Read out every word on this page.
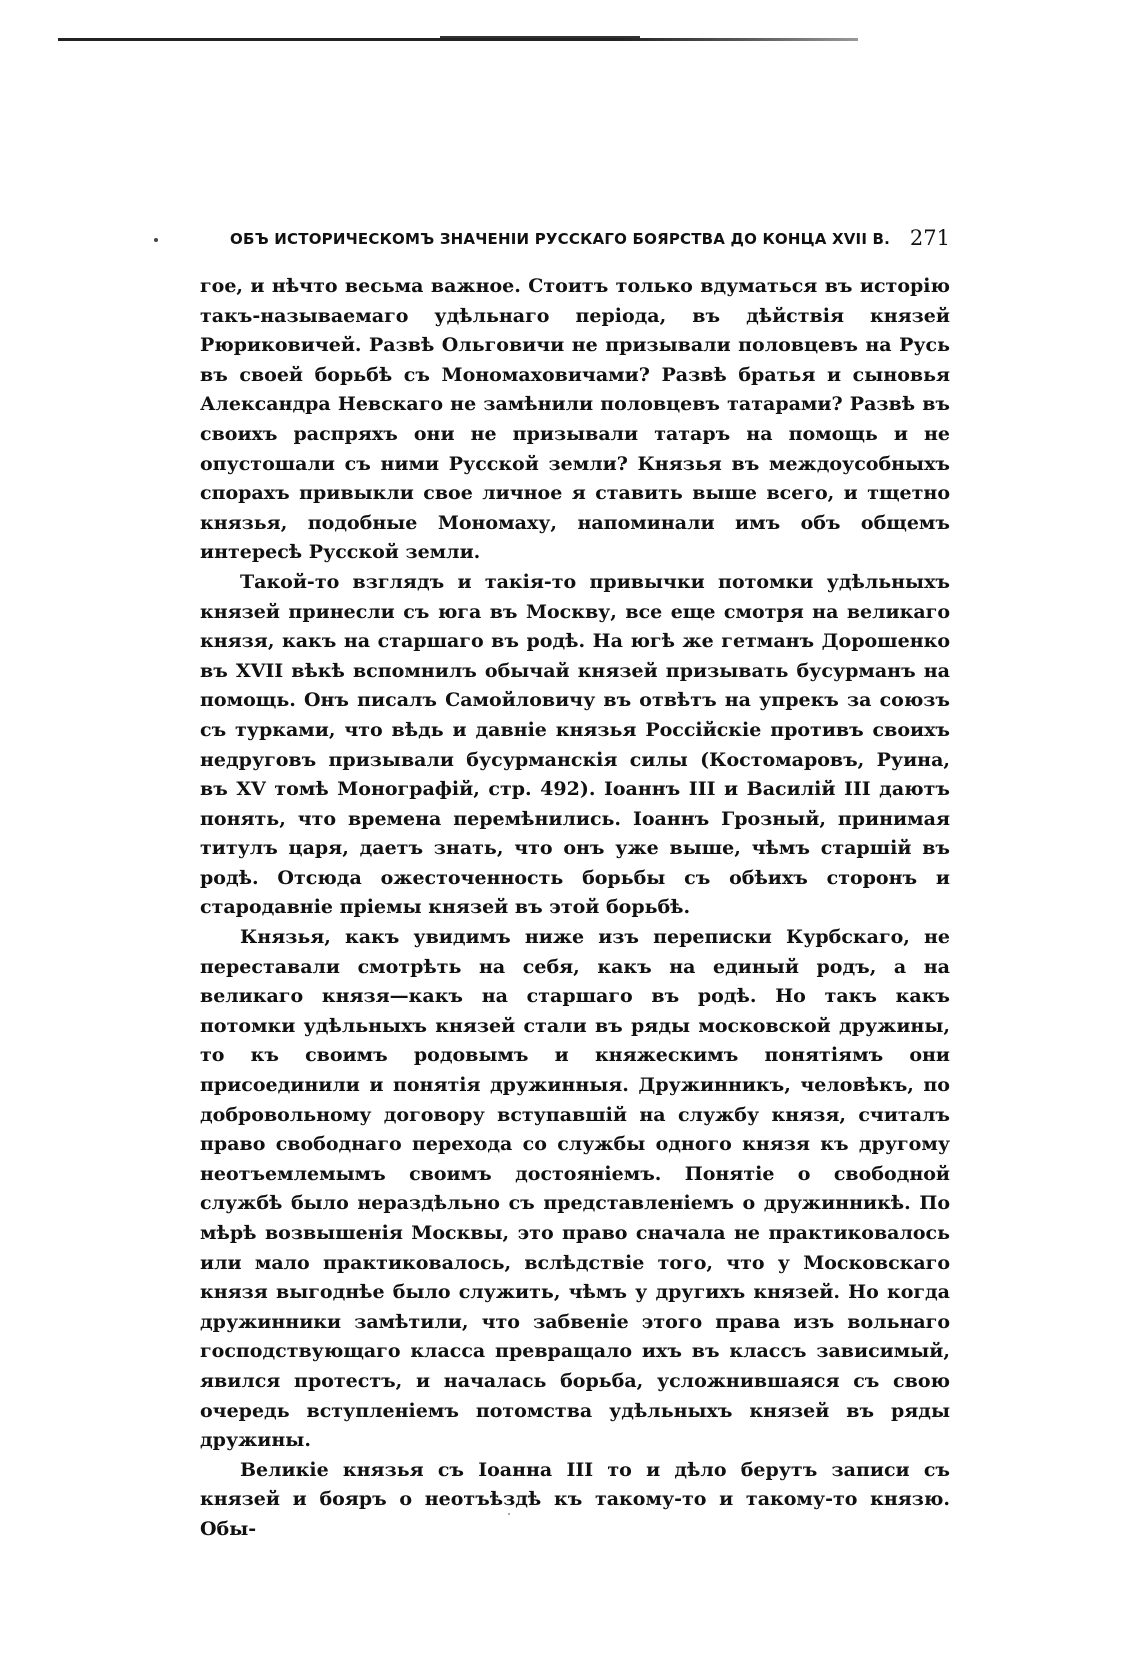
ОБЪ ИСТОРИЧЕСКОМЪ ЗНАЧЕНІИ РУССКАГО БОЯРСТВА ДО КОНЦА XVII В. 271

гое, и нѣчто весьма важное. Стоитъ только вдуматься въ исторію такъ-называемаго удѣльнаго періода, въ дѣйствія князей Рюриковичей. Развѣ Ольговичи не призывали половцевъ на Русь въ своей борьбѣ съ Мономаховичами? Развѣ братья и сыновья Александра Невскаго не замѣнили половцевъ татарами? Развѣ въ своихъ распряхъ они не призывали татаръ на помощь и не опустошали съ ними Русской земли? Князья въ междоусобныхъ спорахъ привыкли свое личное я ставить выше всего, и тщетно князья, подобные Мономаху, напоминали имъ объ общемъ интересѣ Русской земли.

Такой-то взглядъ и такія-то привычки потомки удѣльныхъ князей принесли съ юга въ Москву, все еще смотря на великаго князя, какъ на старшаго въ родѣ. На югѣ же гетманъ Дорошенко въ XVII вѣкѣ вспомнилъ обычай князей призывать бусурманъ на помощь. Онъ писалъ Самойловичу въ отвѣтъ на упрекъ за союзъ съ турками, что вѣдь и давніе князья Россійскіе противъ своихъ недруговъ призывали бусурманскія силы (Костомаровъ, Руина, въ XV томѣ Монографій, стр. 492). Іоаннъ III и Василій III даютъ понять, что времена перемѣнились. Іоаннъ Грозный, принимая титулъ царя, даетъ знать, что онъ уже выше, чѣмъ старшій въ родѣ. Отсюда ожесточенность борьбы съ обѣихъ сторонъ и стародавніе пріемы князей въ этой борьбѣ.

Князья, какъ увидимъ ниже изъ переписки Курбскаго, не переставали смотрѣть на себя, какъ на единый родъ, а на великаго князя—какъ на старшаго въ родѣ. Но такъ какъ потомки удѣльныхъ князей стали въ ряды московской дружины, то къ своимъ родовымъ и княжескимъ понятіямъ они присоединили и понятія дружинныя. Дружинникъ, человѣкъ, по добровольному договору вступавшій на службу князя, считалъ право свободнаго перехода со службы одного князя къ другому неотъемлемымъ своимъ достояніемъ. Понятіе о свободной службѣ было нераздѣльно съ представленіемъ о дружинникѣ. По мѣрѣ возвышенія Москвы, это право сначала не практиковалось или мало практиковалось, вслѣдствіе того, что у Московскаго князя выгоднѣе было служить, чѣмъ у другихъ князей. Но когда дружинники замѣтили, что забвеніе этого права изъ вольнаго господствующаго класса превращало ихъ въ классъ зависимый, явился протестъ, и началась борьба, усложнившаяся съ свою очередь вступленіемъ потомства удѣльныхъ князей въ ряды дружины.

Великіе князья съ Іоанна III то и дѣло берутъ записи съ князей и бояръ о неотъѣздѣ къ такому-то и такому-то князю. Обы-
